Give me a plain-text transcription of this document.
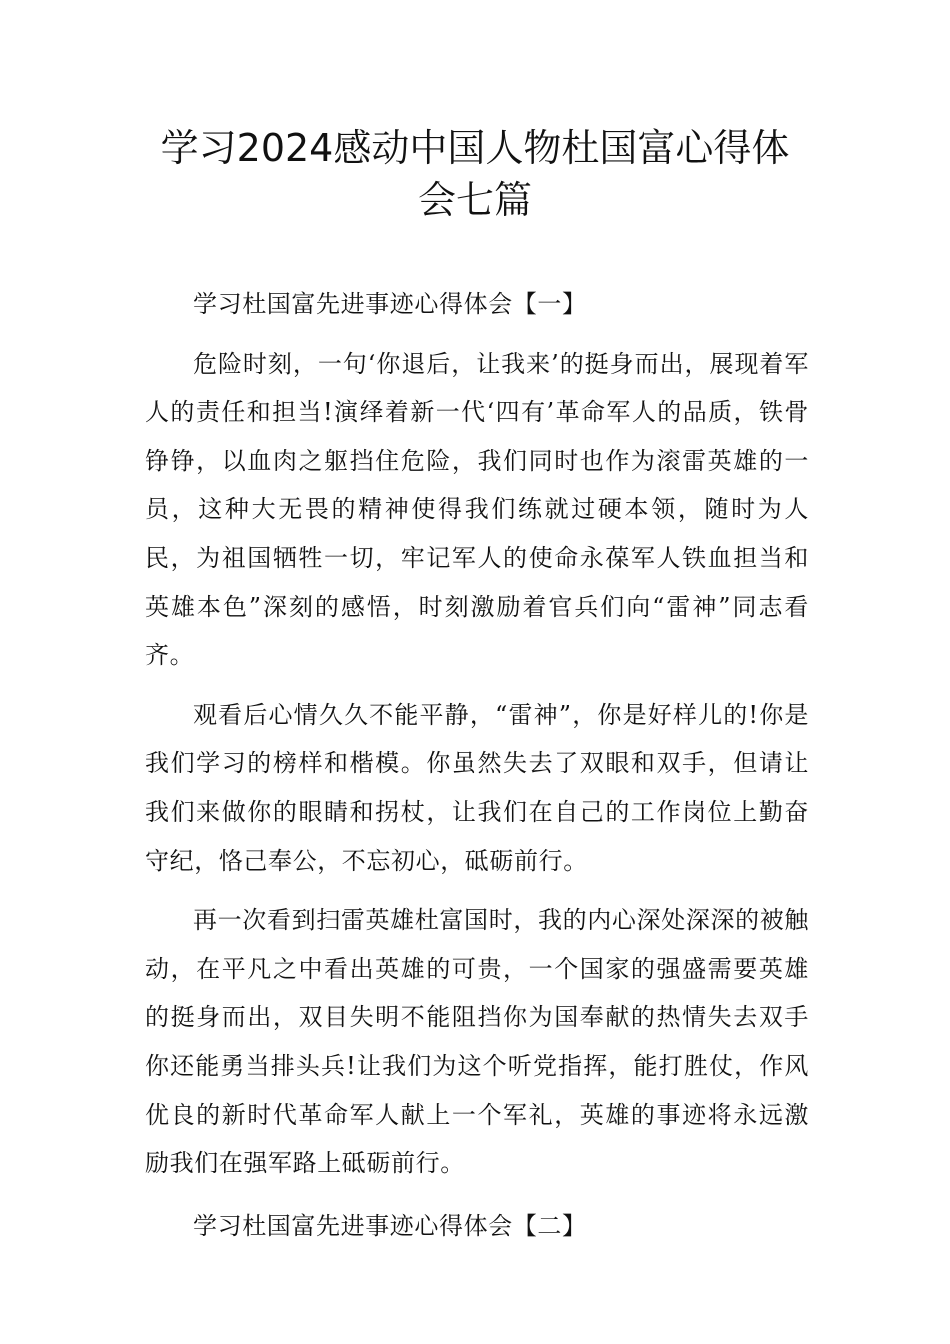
学习2024感动中国人物杜国富心得体
会七篇

学习杜国富先进事迹心得体会【一】

危险时刻，一句‘你退后，让我来’的挺身而出，展现着军人的责任和担当!演绎着新一代‘四有’革命军人的品质，铁骨铮铮，以血肉之躯挡住危险，我们同时也作为滚雷英雄的一员，这种大无畏的精神使得我们练就过硬本领，随时为人民，为祖国牺牲一切，牢记军人的使命永葆军人铁血担当和英雄本色”深刻的感悟，时刻激励着官兵们向“雷神”同志看齐。

观看后心情久久不能平静，“雷神”，你是好样儿的!你是我们学习的榜样和楷模。你虽然失去了双眼和双手，但请让我们来做你的眼睛和拐杖，让我们在自己的工作岗位上勤奋守纪，恪己奉公，不忘初心，砥砺前行。

再一次看到扫雷英雄杜富国时，我的内心深处深深的被触动，在平凡之中看出英雄的可贵，一个国家的强盛需要英雄的挺身而出，双目失明不能阻挡你为国奉献的热情失去双手你还能勇当排头兵!让我们为这个听党指挥，能打胜仗，作风优良的新时代革命军人献上一个军礼，英雄的事迹将永远激励我们在强军路上砥砺前行。

学习杜国富先进事迹心得体会【二】
